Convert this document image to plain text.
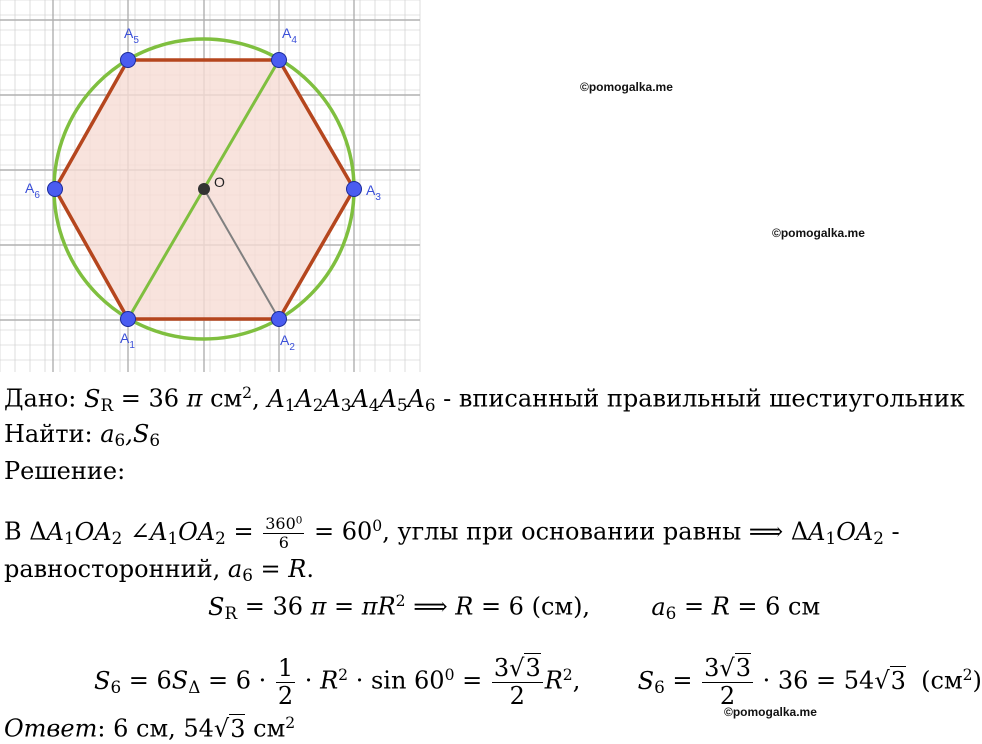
$A_1$	$A_2$
$A_3$
$A_4$
$A_5$
$A_6$
O
©pomogalka.me
©pomogalka.me
©pomogalka.me
Дано: $S_R = 36$ π $см^2$, $A_1A_2A_3A_4A_5A_6$ - вписанный правильный шестиугольник
Найти: $a_6,S_6$
Решение:
В $\Delta A_1OA_2$ $\angle A_1OA_2 = \frac{360^0}{6} = 60^0$, углы при основании равны ⟹ $\Delta A_1OA_2$ -
равносторонний, $a_6 = R$.
$S_R = 36$ $\pi = \pi R^2$ ⟹ R = 6 (см),  $a_6 = R = 6$ см
$S_6 = 6S_\Delta = 6 \cdot \frac{1}{2} \cdot R^2 \cdot \sin 60^0 = \frac{3√3}{2} R^2$,  $S_6 = \frac{3√3}{2} \cdot 36 = 54√3$  $(см^2)$
Ответ: 6 см, 54√3 $см^2$
